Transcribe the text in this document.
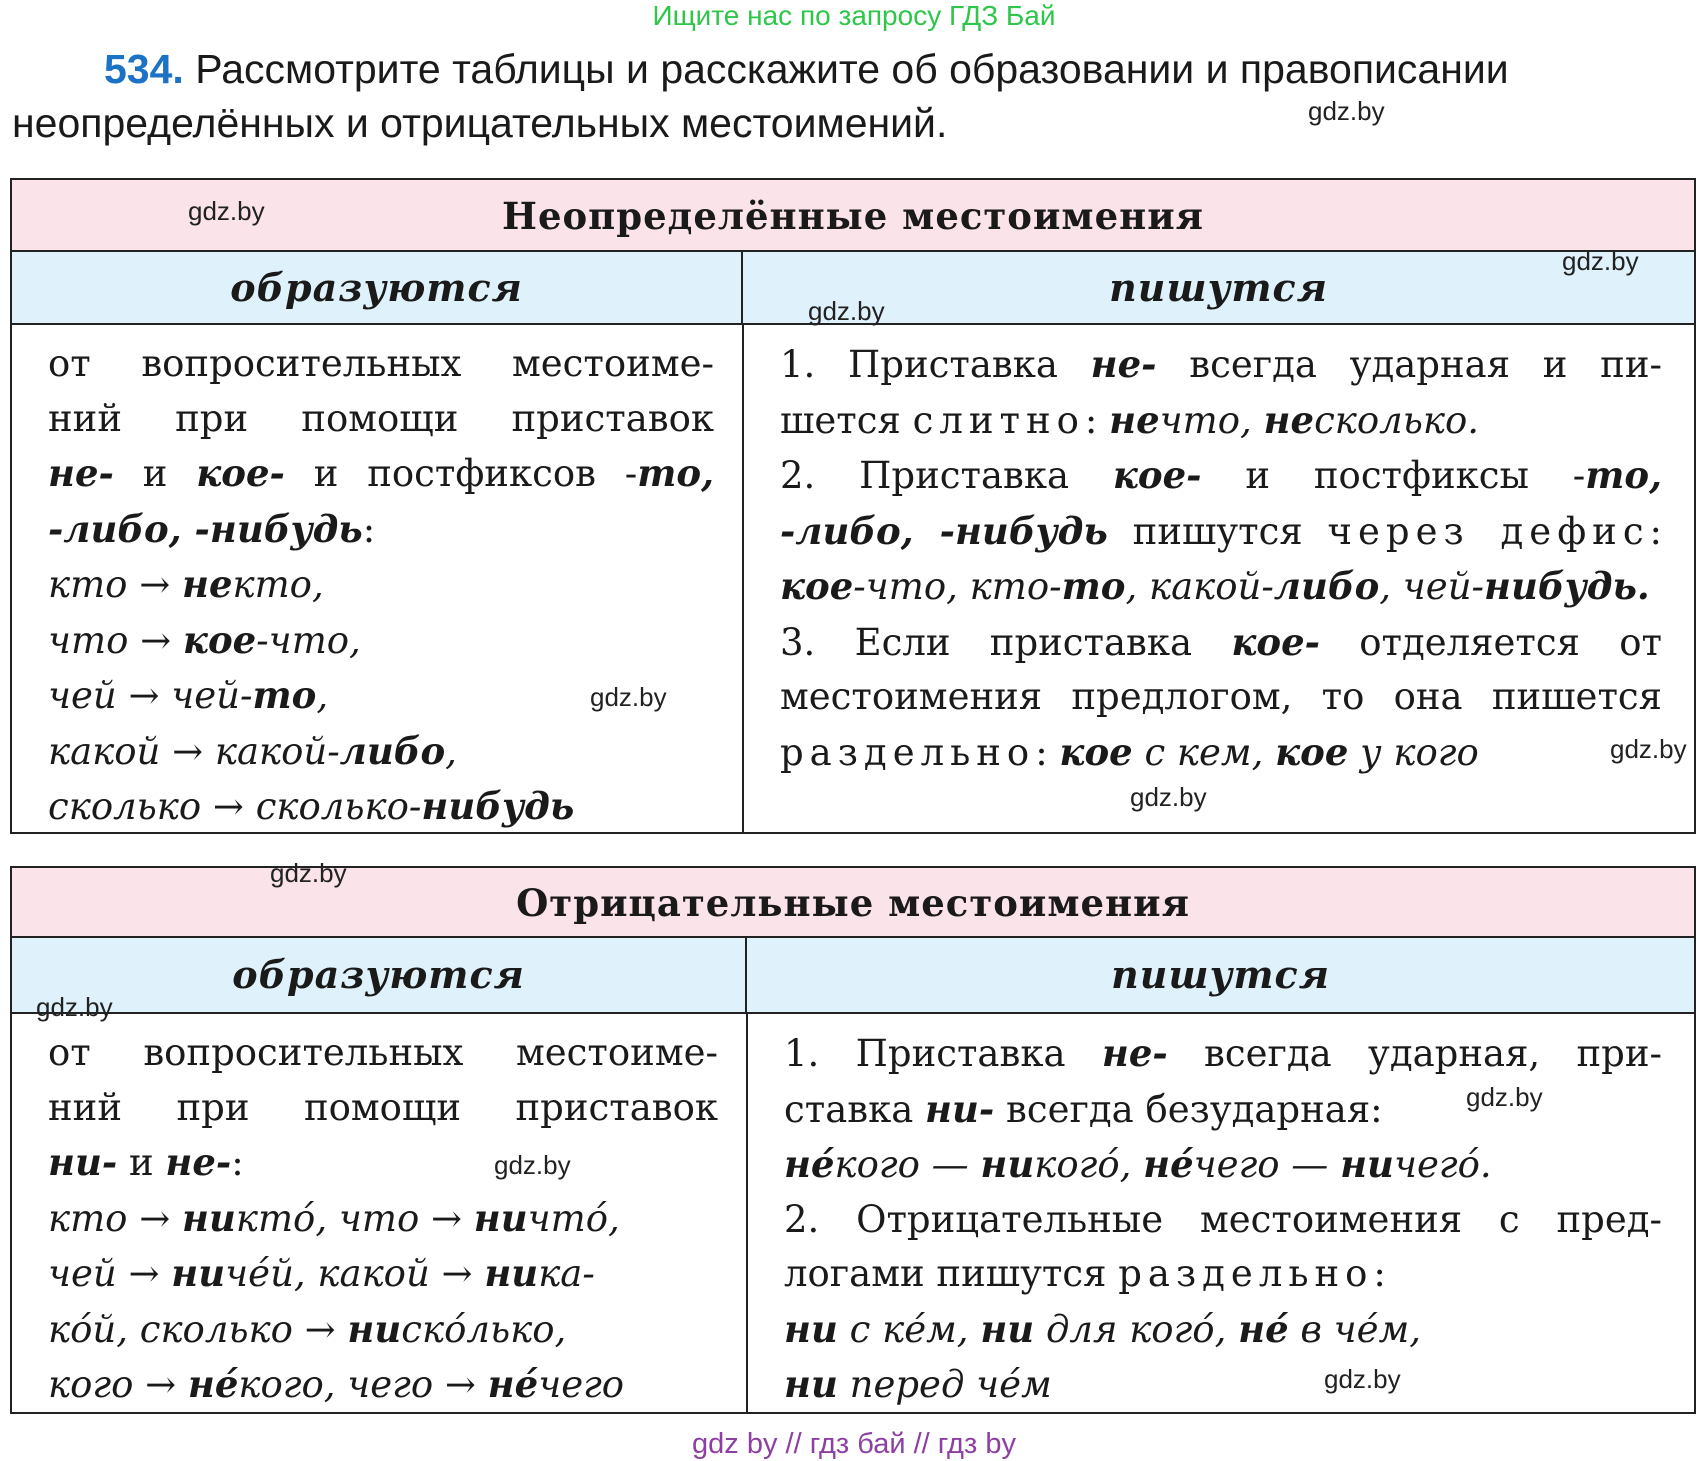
Ищите нас по запросу ГДЗ Бай
534. Рассмотрите таблицы и расскажите об образовании и правописании
неопределённых и отрицательных местоимений.
Неопределённые местоимения
образуются	пишутся
от вопросительных местоиме-
ний при помощи приставок
не- и кое- и постфиксов -то,
-либо, -нибудь:
кто → некто,
что → кое-что,
чей → чей-то,
какой → какой-либо,
сколько → сколько-нибудь
1. Приставка не- всегда ударная и пи-
шется слитно: нечто, несколько.
2. Приставка кое- и постфиксы -то,
-либо, -нибудь пишутся через дефис:
кое-что, кто-то, какой-либо, чей-нибудь.
3. Если приставка кое- отделяется от
местоимения предлогом, то она пишется
раздельно: кое с кем, кое у кого
Отрицательные местоимения
образуются	пишутся
от вопросительных местоиме-
ний при помощи приставок
ни- и не-:
кто → никто́, что → ничто́,
чей → ниче́й, какой → ника-
ко́й, сколько → ниско́лько,
кого → не́кого, чего → не́чего
1. Приставка не- всегда ударная, при-
ставка ни- всегда безударная:
не́кого — никого́, не́чего — ничего́.
2. Отрицательные местоимения с пред-
логами пишутся раздельно:
ни с ке́м, ни для кого́, не́ в че́м,
ни перед че́м
gdz.by
gdz.by
gdz.by
gdz.by
gdz.by
gdz.by
gdz.by
gdz.by
gdz.by
gdz.by
gdz.by
gdz.by
gdz by // гдз бай // гдз by
